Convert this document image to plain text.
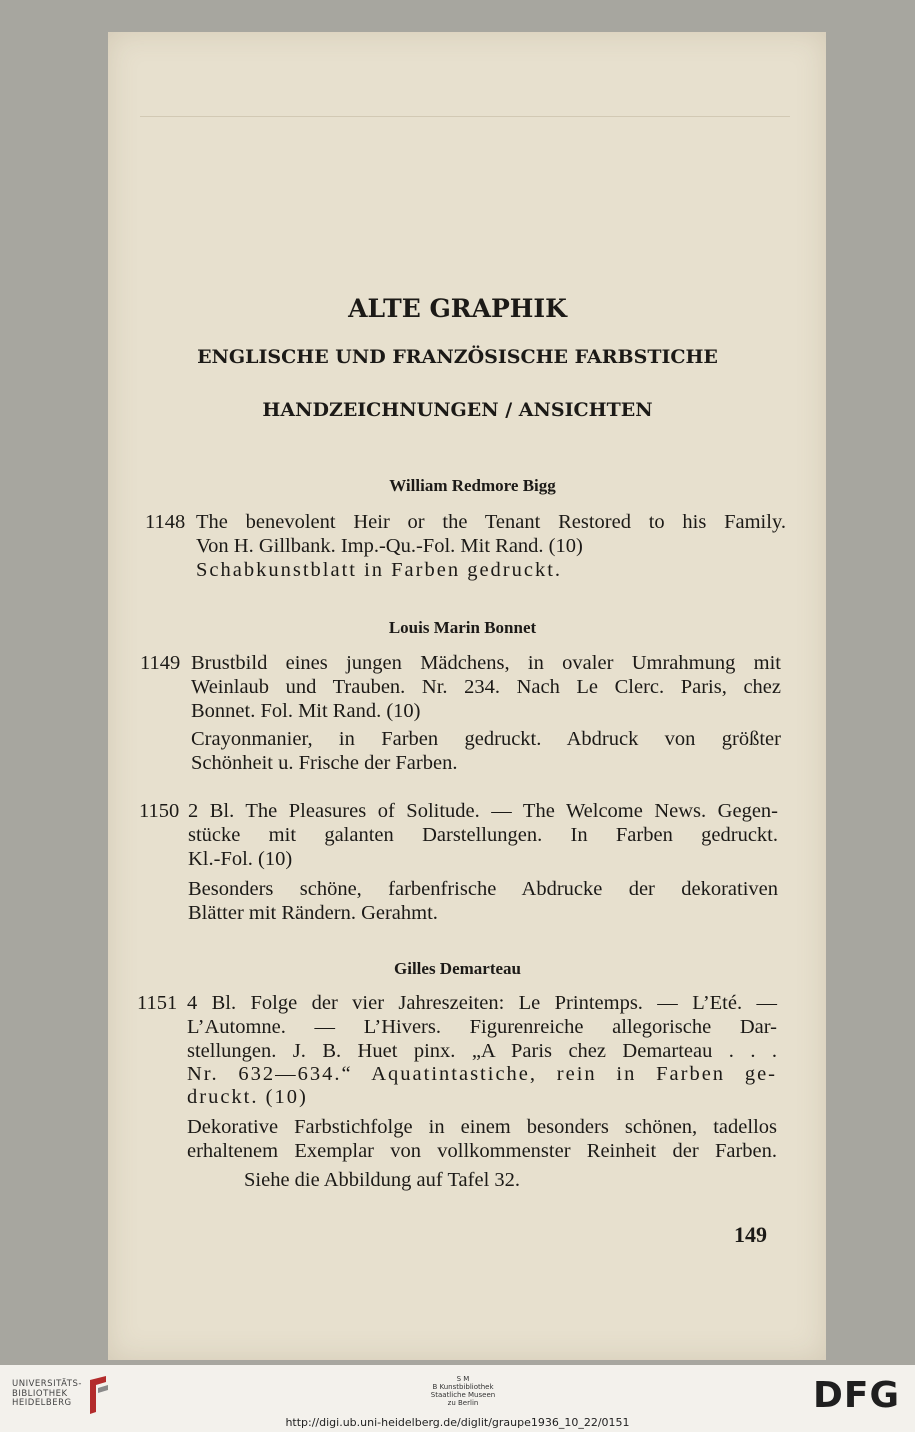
ALTE GRAPHIK
ENGLISCHE UND FRANZÖSISCHE FARBSTICHE
HANDZEICHNUNGEN / ANSICHTEN
William Redmore Bigg
1148 The benevolent Heir or the Tenant Restored to his Family.
Von H. Gillbank. Imp.-Qu.-Fol. Mit Rand. (10)
Schabkunstblatt in Farben gedruckt.
Louis Marin Bonnet
1149 Brustbild eines jungen Mädchens, in ovaler Umrahmung mit
Weinlaub und Trauben. Nr. 234. Nach Le Clerc. Paris, chez
Bonnet. Fol. Mit Rand. (10)
Crayonmanier, in Farben gedruckt. Abdruck von größter
Schönheit u. Frische der Farben.
1150 2 Bl. The Pleasures of Solitude. — The Welcome News. Gegen-
stücke mit galanten Darstellungen. In Farben gedruckt.
Kl.-Fol. (10)
Besonders schöne, farbenfrische Abdrucke der dekorativen
Blätter mit Rändern. Gerahmt.
Gilles Demarteau
1151 4 Bl. Folge der vier Jahreszeiten: Le Printemps. — L’Eté. —
L’Automne. — L’Hivers. Figurenreiche allegorische Dar-
stellungen. J. B. Huet pinx. „A Paris chez Demarteau . . .
Nr. 632—634.“ Aquatintastiche, rein in Farben ge-
druckt. (10)
Dekorative Farbstichfolge in einem besonders schönen, tadellos
erhaltenem Exemplar von vollkommenster Reinheit der Farben.
Siehe die Abbildung auf Tafel 32.
149
UNIVERSITÄTS-
BIBLIOTHEK
HEIDELBERG
S M
B Kunstbibliothek
Staatliche Museen
zu Berlin	DFG
http://digi.ub.uni-heidelberg.de/diglit/graupe1936_10_22/0151
